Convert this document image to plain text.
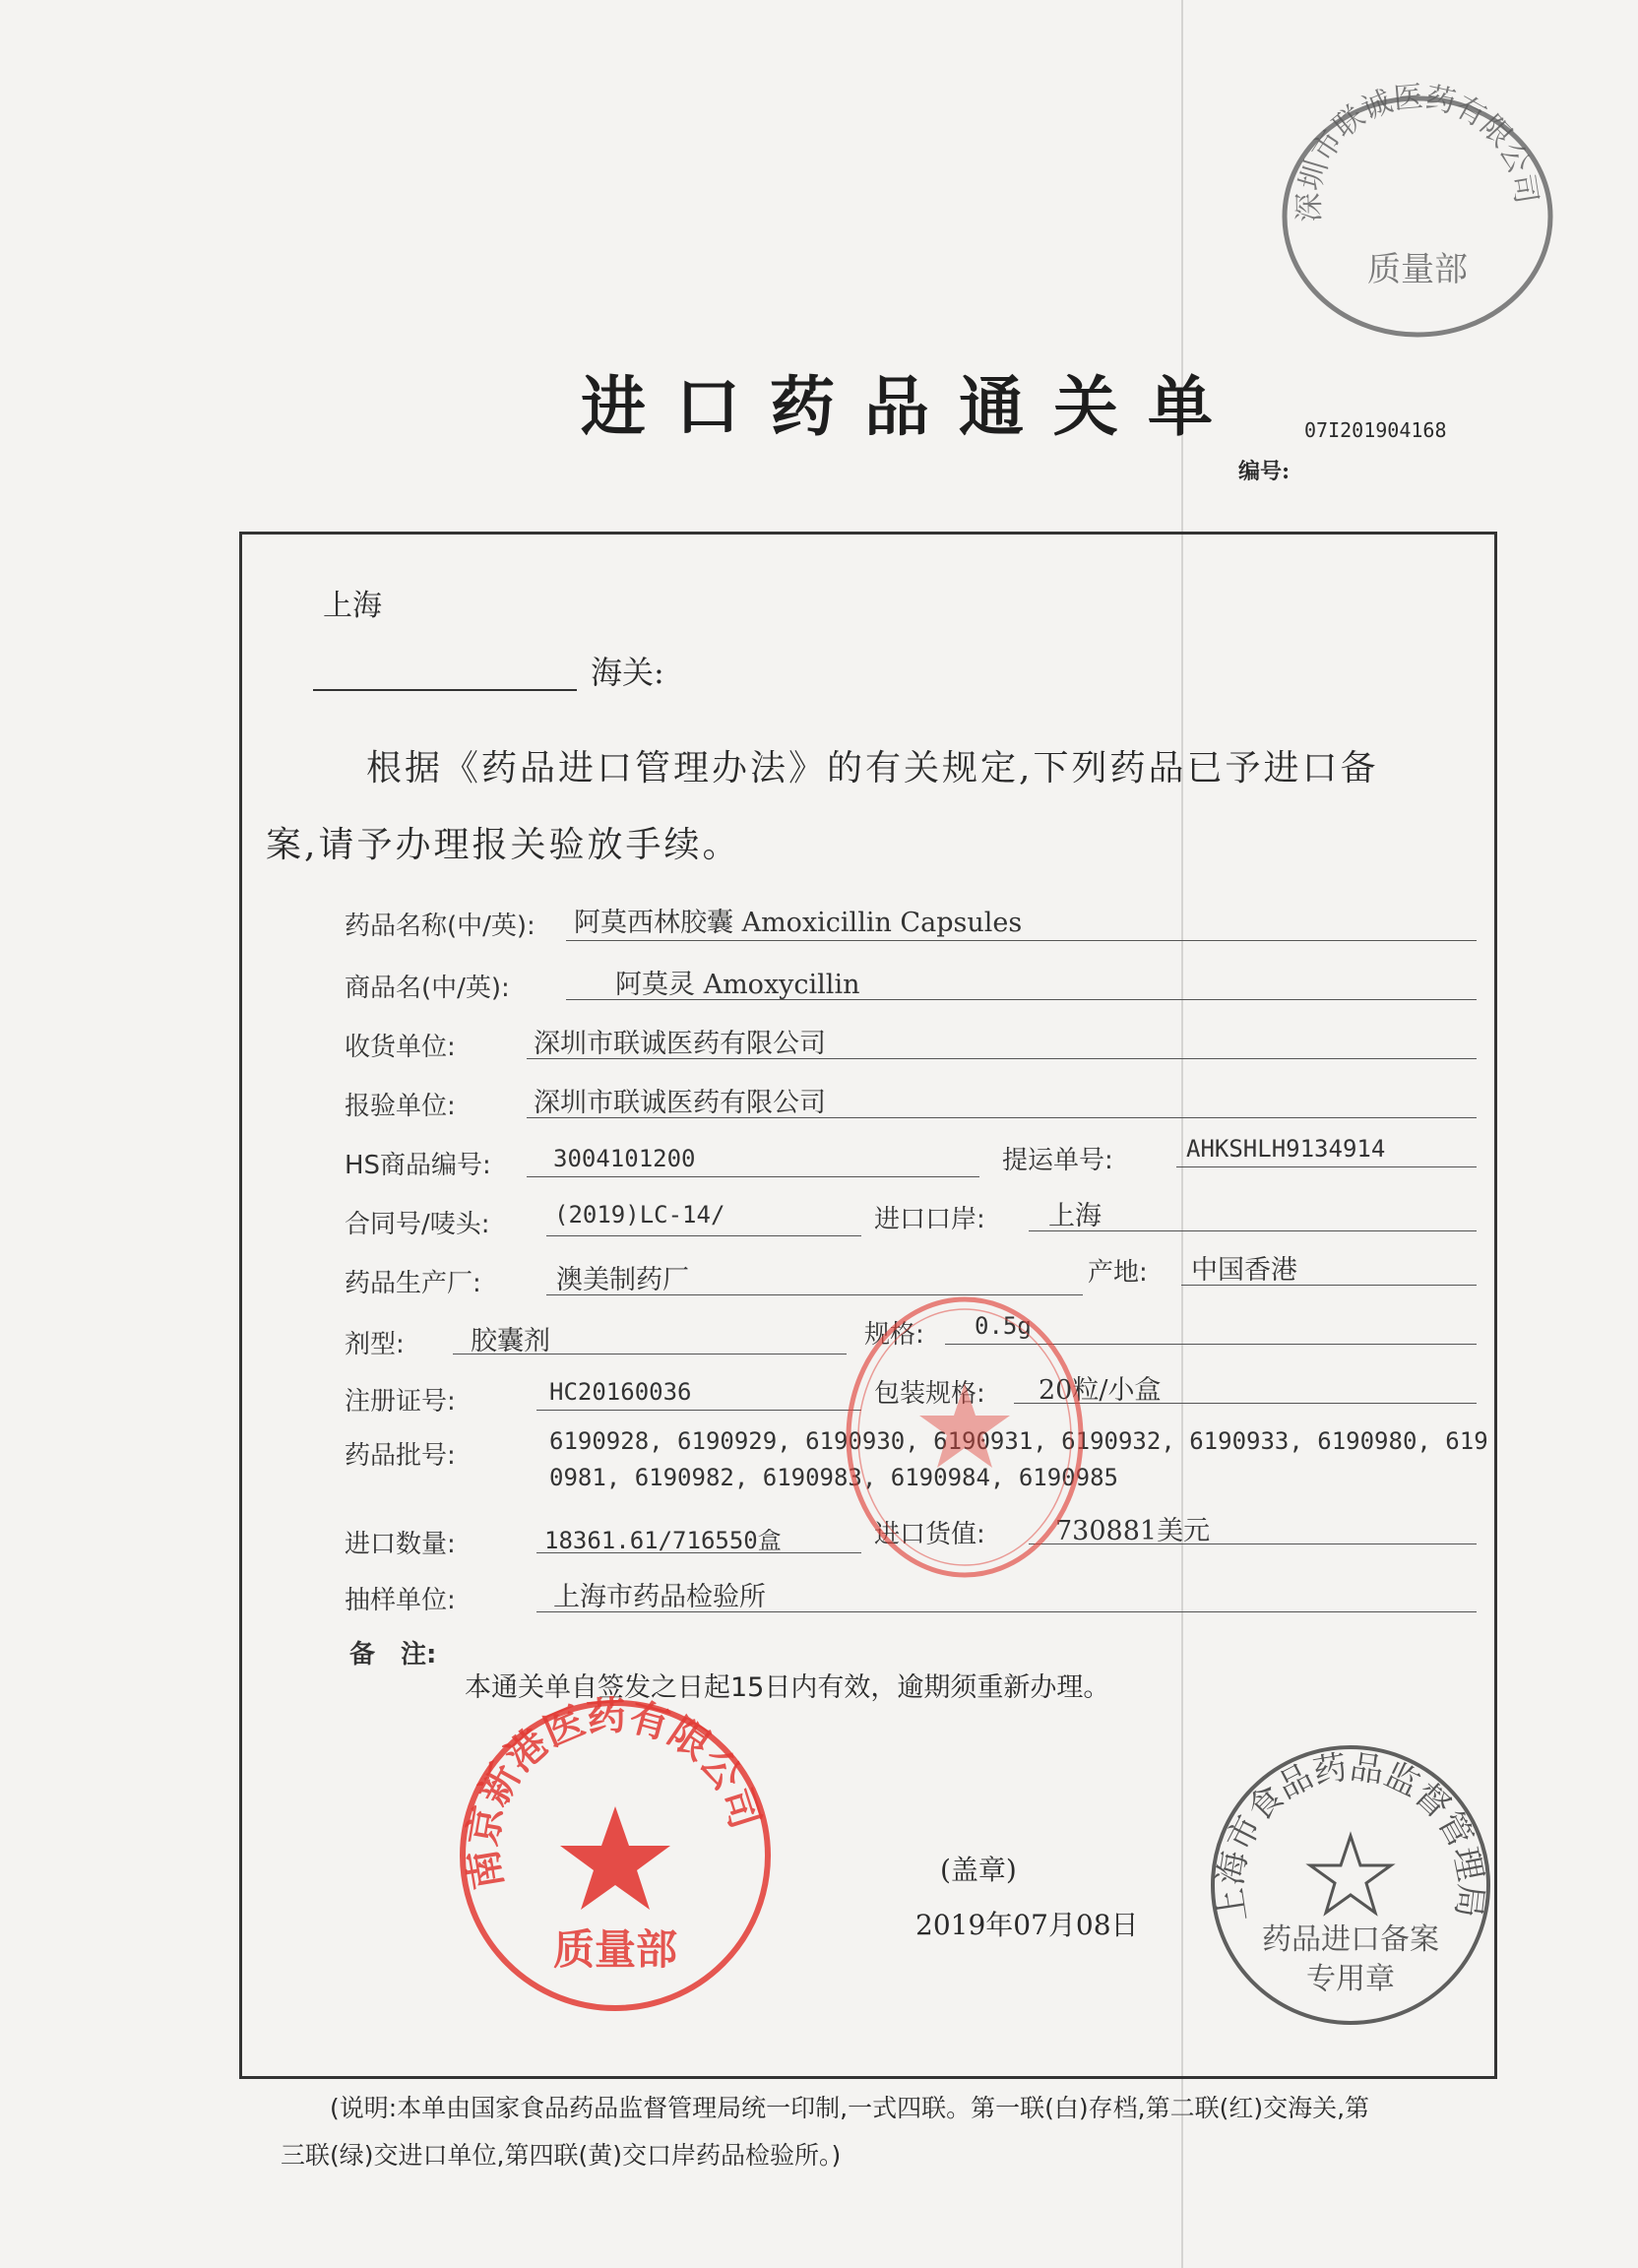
进口药品通关单	07I201904168
编号:
上海
海关:
根据《药品进口管理办法》的有关规定,下列药品已予进口备
案,请予办理报关验放手续。
药品名称(中/英): 阿莫西林胶囊 Amoxicillin Capsules
商品名(中/英):	阿莫灵 Amoxycillin
收货单位:	深圳市联诚医药有限公司
报验单位:	深圳市联诚医药有限公司
HS商品编号:	3004101200	提运单号:	AHKSHLH9134914
合同号/唛头:	(2019)LC-14/	进口口岸: 上海
药品生产厂:	澳美制药厂	产地: 中国香港
剂型: 胶囊剂	规格: 0.5g
注册证号:	HC20160036	包装规格: 20粒/小盒
药品批号:	6190928, 6190929, 6190930, 6190931, 6190932, 6190933, 6190980, 619
0981, 6190982, 6190983, 6190984, 6190985
进口数量:	18361.61/716550盒	进口货值:	730881美元
抽样单位:	上海市药品检验所
备　注:
本通关单自签发之日起15日内有效，逾期须重新办理。
(盖章)
2019年07月08日
(说明:本单由国家食品药品监督管理局统一印制,一式四联。第一联(白)存档,第二联(红)交海关,第
三联(绿)交进口单位,第四联(黄)交口岸药品检验所。)
深圳市联诚医药有限公司
质量部
南京新港医药有限公司
质量部
上海市食品药品监督管理局
药品进口备案
专用章
